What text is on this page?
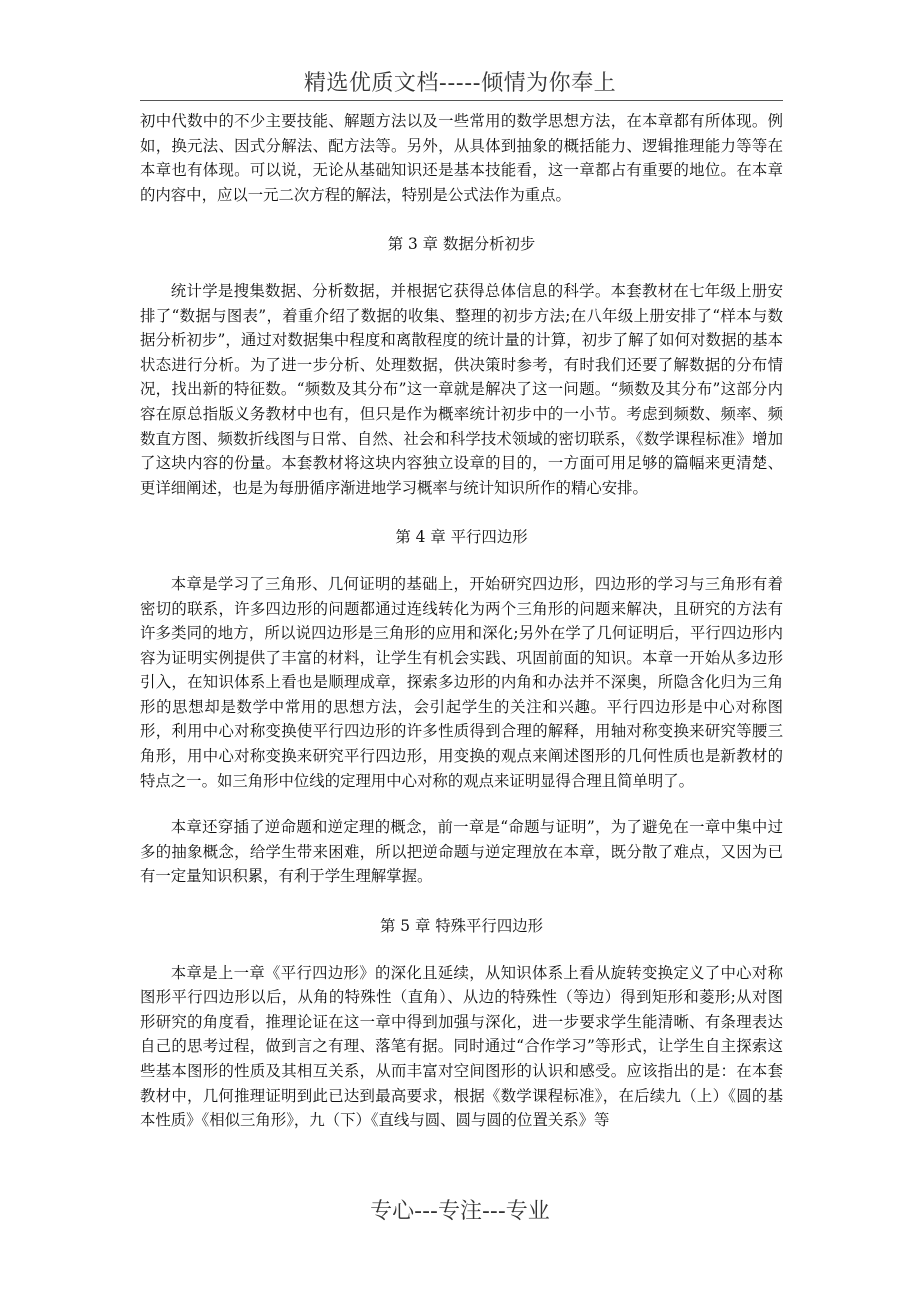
精选优质文档-----倾情为你奉上

初中代数中的不少主要技能、解题方法以及一些常用的数学思想方法，在本章都有所体现。例如，换元法、因式分解法、配方法等。另外，从具体到抽象的概括能力、逻辑推理能力等等在本章也有体现。可以说，无论从基础知识还是基本技能看，这一章都占有重要的地位。在本章的内容中，应以一元二次方程的解法，特别是公式法作为重点。

第 3 章 数据分析初步

统计学是搜集数据、分析数据，并根据它获得总体信息的科学。本套教材在七年级上册安排了“数据与图表”，着重介绍了数据的收集、整理的初步方法;在八年级上册安排了“样本与数据分析初步”，通过对数据集中程度和离散程度的统计量的计算，初步了解了如何对数据的基本状态进行分析。为了进一步分析、处理数据，供决策时参考，有时我们还要了解数据的分布情况，找出新的特征数。“频数及其分布”这一章就是解决了这一问题。“频数及其分布”这部分内容在原总指版义务教材中也有，但只是作为概率统计初步中的一小节。考虑到频数、频率、频数直方图、频数折线图与日常、自然、社会和科学技术领域的密切联系，《数学课程标准》增加了这块内容的份量。本套教材将这块内容独立设章的目的，一方面可用足够的篇幅来更清楚、更详细阐述，也是为每册循序渐进地学习概率与统计知识所作的精心安排。

第 4 章 平行四边形

本章是学习了三角形、几何证明的基础上，开始研究四边形，四边形的学习与三角形有着密切的联系，许多四边形的问题都通过连线转化为两个三角形的问题来解决，且研究的方法有许多类同的地方，所以说四边形是三角形的应用和深化;另外在学了几何证明后，平行四边形内容为证明实例提供了丰富的材料，让学生有机会实践、巩固前面的知识。本章一开始从多边形引入，在知识体系上看也是顺理成章，探索多边形的内角和办法并不深奥，所隐含化归为三角形的思想却是数学中常用的思想方法，会引起学生的关注和兴趣。平行四边形是中心对称图形，利用中心对称变换使平行四边形的许多性质得到合理的解释，用轴对称变换来研究等腰三角形，用中心对称变换来研究平行四边形，用变换的观点来阐述图形的几何性质也是新教材的特点之一。如三角形中位线的定理用中心对称的观点来证明显得合理且简单明了。

本章还穿插了逆命题和逆定理的概念，前一章是“命题与证明”，为了避免在一章中集中过多的抽象概念，给学生带来困难，所以把逆命题与逆定理放在本章，既分散了难点，又因为已有一定量知识积累，有利于学生理解掌握。

第 5 章 特殊平行四边形

本章是上一章《平行四边形》的深化且延续，从知识体系上看从旋转变换定义了中心对称图形平行四边形以后，从角的特殊性（直角）、从边的特殊性（等边）得到矩形和菱形;从对图形研究的角度看，推理论证在这一章中得到加强与深化，进一步要求学生能清晰、有条理表达自己的思考过程，做到言之有理、落笔有据。同时通过“合作学习”等形式，让学生自主探索这些基本图形的性质及其相互关系，从而丰富对空间图形的认识和感受。应该指出的是：在本套教材中，几何推理证明到此已达到最高要求，根据《数学课程标准》，在后续九（上）《圆的基本性质》《相似三角形》，九（下）《直线与圆、圆与圆的位置关系》等

专心---专注---专业
